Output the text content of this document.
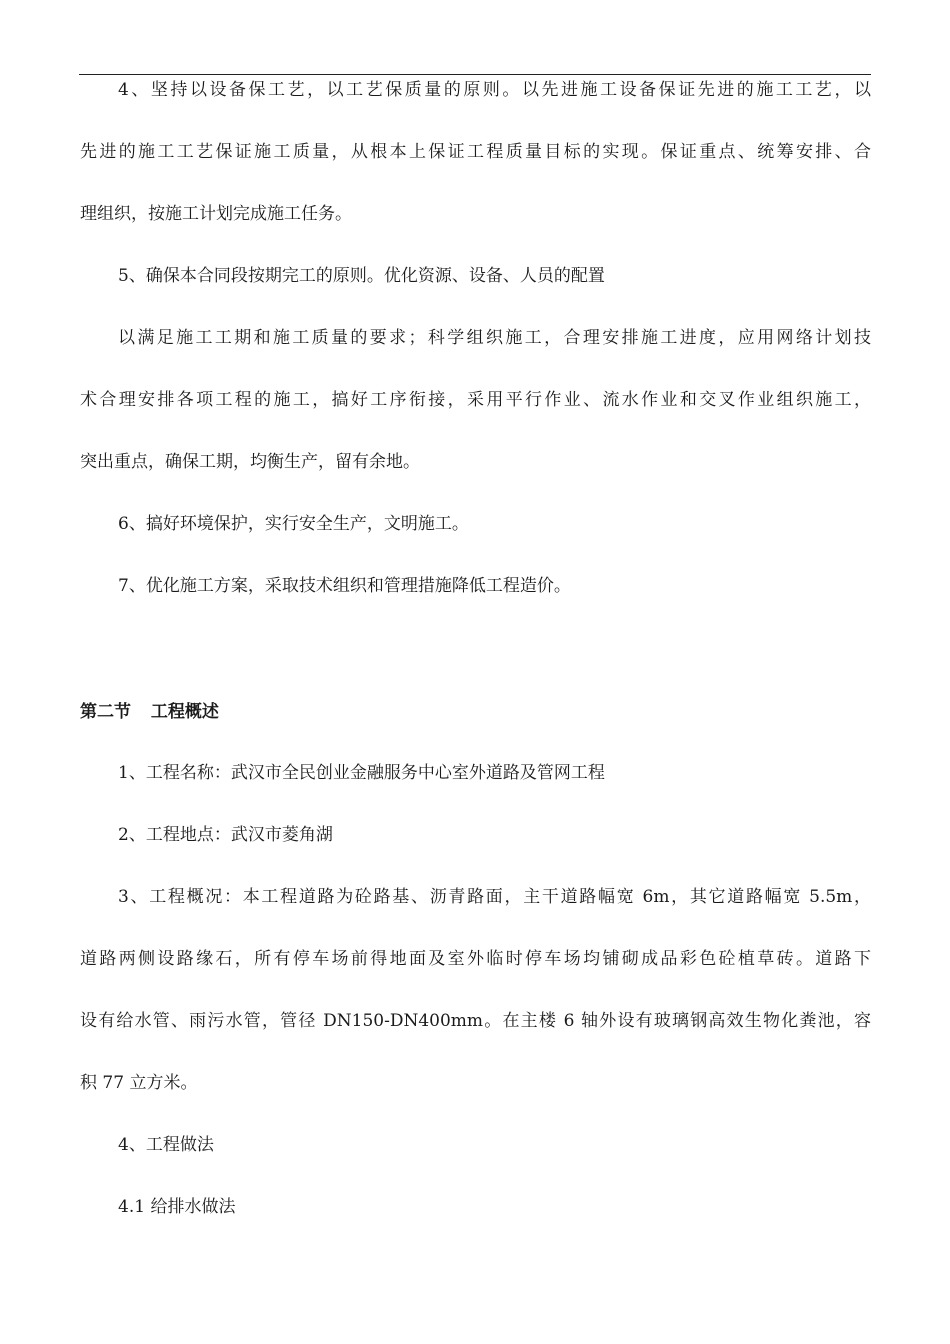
4、坚持以设备保工艺，以工艺保质量的原则。以先进施工设备保证先进的施工工艺，以
先进的施工工艺保证施工质量，从根本上保证工程质量目标的实现。保证重点、统筹安排、合
理组织，按施工计划完成施工任务。
5、确保本合同段按期完工的原则。优化资源、设备、人员的配置
以满足施工工期和施工质量的要求；科学组织施工，合理安排施工进度，应用网络计划技
术合理安排各项工程的施工，搞好工序衔接，采用平行作业、流水作业和交叉作业组织施工，
突出重点，确保工期，均衡生产，留有余地。
6、搞好环境保护，实行安全生产，文明施工。
7、优化施工方案，采取技术组织和管理措施降低工程造价。
第二节 工程概述
1、工程名称：武汉市全民创业金融服务中心室外道路及管网工程
2、工程地点：武汉市菱角湖
3、工程概况：本工程道路为砼路基、沥青路面，主干道路幅宽 6m，其它道路幅宽 5.5m，
道路两侧设路缘石，所有停车场前得地面及室外临时停车场均铺砌成品彩色砼植草砖。道路下
设有给水管、雨污水管，管径 DN150-DN400mm。在主楼 6 轴外设有玻璃钢高效生物化粪池，容
积 77 立方米。
4、工程做法
4.1 给排水做法
